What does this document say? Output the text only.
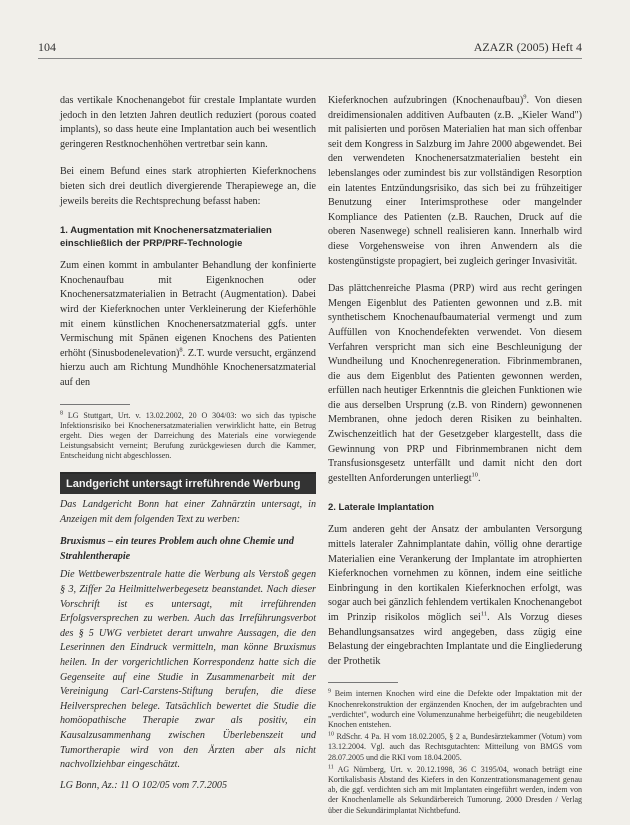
104	AZAZR (2005) Heft 4

das vertikale Knochenangebot für crestale Implantate wurden jedoch in den letzten Jahren deutlich reduziert (porous coated implants), so dass heute eine Implantation auch bei wesentlich geringeren Restknochenhöhen vertretbar sein kann.

Bei einem Befund eines stark atrophierten Kieferknochens bieten sich drei deutlich divergierende Therapiewege an, die jeweils bereits die Rechtsprechung befasst haben:

1. Augmentation mit Knochenersatzmaterialien einschließlich der PRP/PRF-Technologie

Zum einen kommt in ambulanter Behandlung der konfinierte Knochenaufbau mit Eigenknochen oder Knochenersatzmaterialien in Betracht (Augmentation). Dabei wird der Kieferknochen unter Verkleinerung der Kieferhöhle mit einem künstlichen Knochenersatzmaterial ggfs. unter Vermischung mit Spänen eigenen Knochens des Patienten erhöht (Sinusbodenelevation)$^8$. Z.T. wurde versucht, ergänzend hierzu auch am Richtung Mundhöhle Knochenersatzmaterial auf den

$^8$ LG Stuttgart, Urt. v. 13.02.2002, 20 O 304/03: wo sich das typische Infektionsrisiko bei Knochenersatzmaterialien verwirklicht hatte, ein Betrug ergeht. Dies wegen der Darreichung des Materials eine vorwiegende Leistungsabsicht verneint; Berufung zurückgewiesen durch die Kammer, Entscheidung nicht abgeschlossen.
Landgericht untersagt irreführende Werbung

Das Landgericht Bonn hat einer Zahnärztin untersagt, in Anzeigen mit dem folgenden Text zu werben:

Bruxismus – ein teures Problem auch ohne Chemie und Strahlentherapie

Die Wettbewerbszentrale hatte die Werbung als Verstoß gegen § 3, Ziffer 2a Heilmittelwerbegesetz beanstandet. Nach dieser Vorschrift ist es untersagt, mit irreführenden Erfolgsversprechen zu werben. Auch das Irreführungsverbot des § 5 UWG verbietet derart unwahre Aussagen, die den Leserinnen den Eindruck vermitteln, man könne Bruxismus heilen. In der vorgerichtlichen Korrespondenz hatte sich die Gegenseite auf eine Studie in Zusammenarbeit mit der Vereinigung Carl-Carstens-Stiftung berufen, die diese Heilversprechen belege. Tatsächlich bewertet die Studie die homöopathische Therapie zwar als positiv, ein Kausalzusammenhang zwischen Überlebenszeit und Tumortherapie wird von den Ärzten aber als nicht nachvollziehbar eingeschätzt.

LG Bonn, Az.: 11 O 102/05 vom 7.7.2005

Kieferknochen aufzubringen (Knochenaufbau)$^9$. Von diesen dreidimensionalen additiven Aufbauten (z.B. „Kieler Wand") mit palisierten und porösen Materialien hat man sich offenbar seit dem Kongress in Salzburg im Jahre 2000 abgewendet. Bei den verwendeten Knochenersatzmaterialien besteht ein lebenslanges oder zumindest bis zur vollständigen Resorption ein latentes Entzündungsrisiko, das sich bei zu frühzeitiger Benutzung einer Interimsprothese oder mangelnder Kompliance des Patienten (z.B. Rauchen, Druck auf die oberen Nasenwege) schnell realisieren kann. Innerhalb wird diese Vorgehensweise von ihren Anwendern als die kostengünstigste propagiert, bei zugleich geringer Invasivität.

Das plättchenreiche Plasma (PRP) wird aus recht geringen Mengen Eigenblut des Patienten gewonnen und z.B. mit synthetischem Knochenaufbaumaterial vermengt und zum Auffüllen von Knochendefekten verwendet. Von diesem Verfahren verspricht man sich eine Beschleunigung der Wundheilung und Knochenregeneration. Fibrinmembranen, die aus dem Eigenblut des Patienten gewonnen werden, erfüllen nach heutiger Erkenntnis die gleichen Funktionen wie die aus derselben Ursprung (z.B. von Rindern) gewonnenen Membranen, ohne jedoch deren Risiken zu beinhalten. Zwischenzeitlich hat der Gesetzgeber klargestellt, dass die Gewinnung von PRP und Fibrinmembranen nicht dem Transfusionsgesetz unterfällt und damit nicht den dort gestellten Anforderungen unterliegt$^{10}$.

2. Laterale Implantation

Zum anderen geht der Ansatz der ambulanten Versorgung mittels lateraler Zahnimplantate dahin, völlig ohne derartige Materialien eine Verankerung der Implantate im atrophierten Kieferknochen vornehmen zu können, indem eine seitliche Einbringung in den kortikalen Kieferknochen erfolgt, was sogar auch bei gänzlich fehlendem vertikalen Knochenangebot im Prinzip risikolos möglich sei$^{11}$. Als Vorzug dieses Behandlungsansatzes wird angegeben, dass zügig eine Belastung der eingebrachten Implantate und die Eingliederung der Prothetik

$^9$ Beim internen Knochen wird eine die Defekte oder Impaktation mit der Knochenrekonstruktion der ergänzenden Knochen, der im aufgebrachten und „verdichtet", wodurch eine Volumenzunahme herbeigeführt; die neugebildeten Knochen entstehen.
$^{10}$ RdSchr. 4 Pa. H vom 18.02.2005, § 2 a, Bundesärztekammer (Votum) vom 13.12.2004. Vgl. auch das Rechtsgutachten: Mitteilung von BMGS vom 28.07.2005 und die RKI vom 18.04.2005.
$^{11}$ AG Nürnberg, Urt. v. 20.12.1998, 36 C 3195/04, wonach beträgt eine Kortikalisbasis Abstand des Kiefers in den Konzentrationsmanagement genau ab, die ggf. verdichten sich am mit Implantaten eingeführt werden, indem von der Knochenlamelle als Sekundärbereich Tumorung. 2000 Dresden / Verlag über die Sekundärimplantat Nichtbefund.
